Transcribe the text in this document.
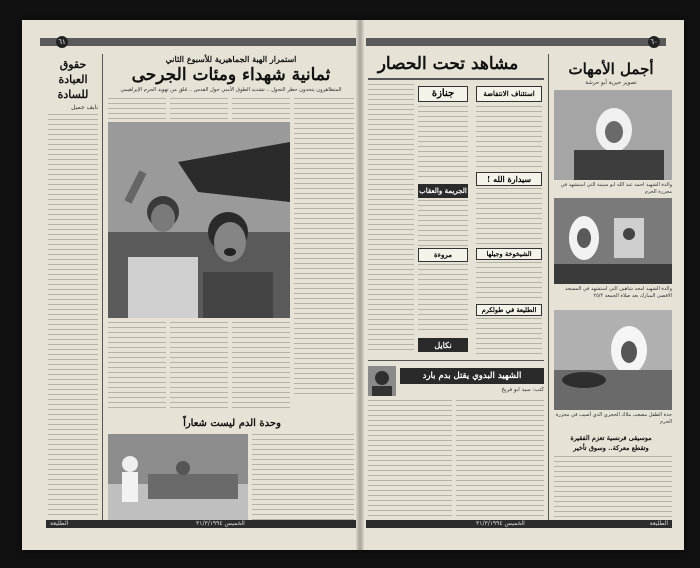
٦١
حقوق
العبادة
للسادة
نايف جميل
استمرار الهبة الجماهيرية للأسبوع الثاني
ثمانية شهداء ومئات الجرحى
المتظاهرون يتحدون حظر التجول .. تشديد الطوق الأمني حول القدس .. قلق من تهويد الحرم الإبراهيمي
وحدة الدم ليست شعاراً
الطليعة	الخميس ٣١/٣/١٩٩٤
٦٠
مشاهد تحت الحصار	أجمل الأمهات
تصوير خيرية أبو حرشة
والدة الشهيد احمد عبد الله ابو سنينة التي استشهد في مجزرة الحرم
والدة الشهيد امجد شاهين التي استشهد في المسجد الاقصى المبارك بعد صلاة الجمعة ٢٥/٢
جدة الطفل مصعب ملاك الحجري الذي أصيب في مجزرة الحرم
موسيقى فرنسية تعزم الفقيرة
وتقطع معركة.. وسوق تأخير
جنازة	استئناف الانتفاضة
سيدارة الله !
الجريمة والعقاب
الشيخوخة وجيلها
مروءة
الطليعة في طولكرم
نكايل
الشهيد البدوي يقتل بدم بارد
كتب: سيد ابو فريخ
الخميس ٣١/٣/١٩٩٤	الطليعة
